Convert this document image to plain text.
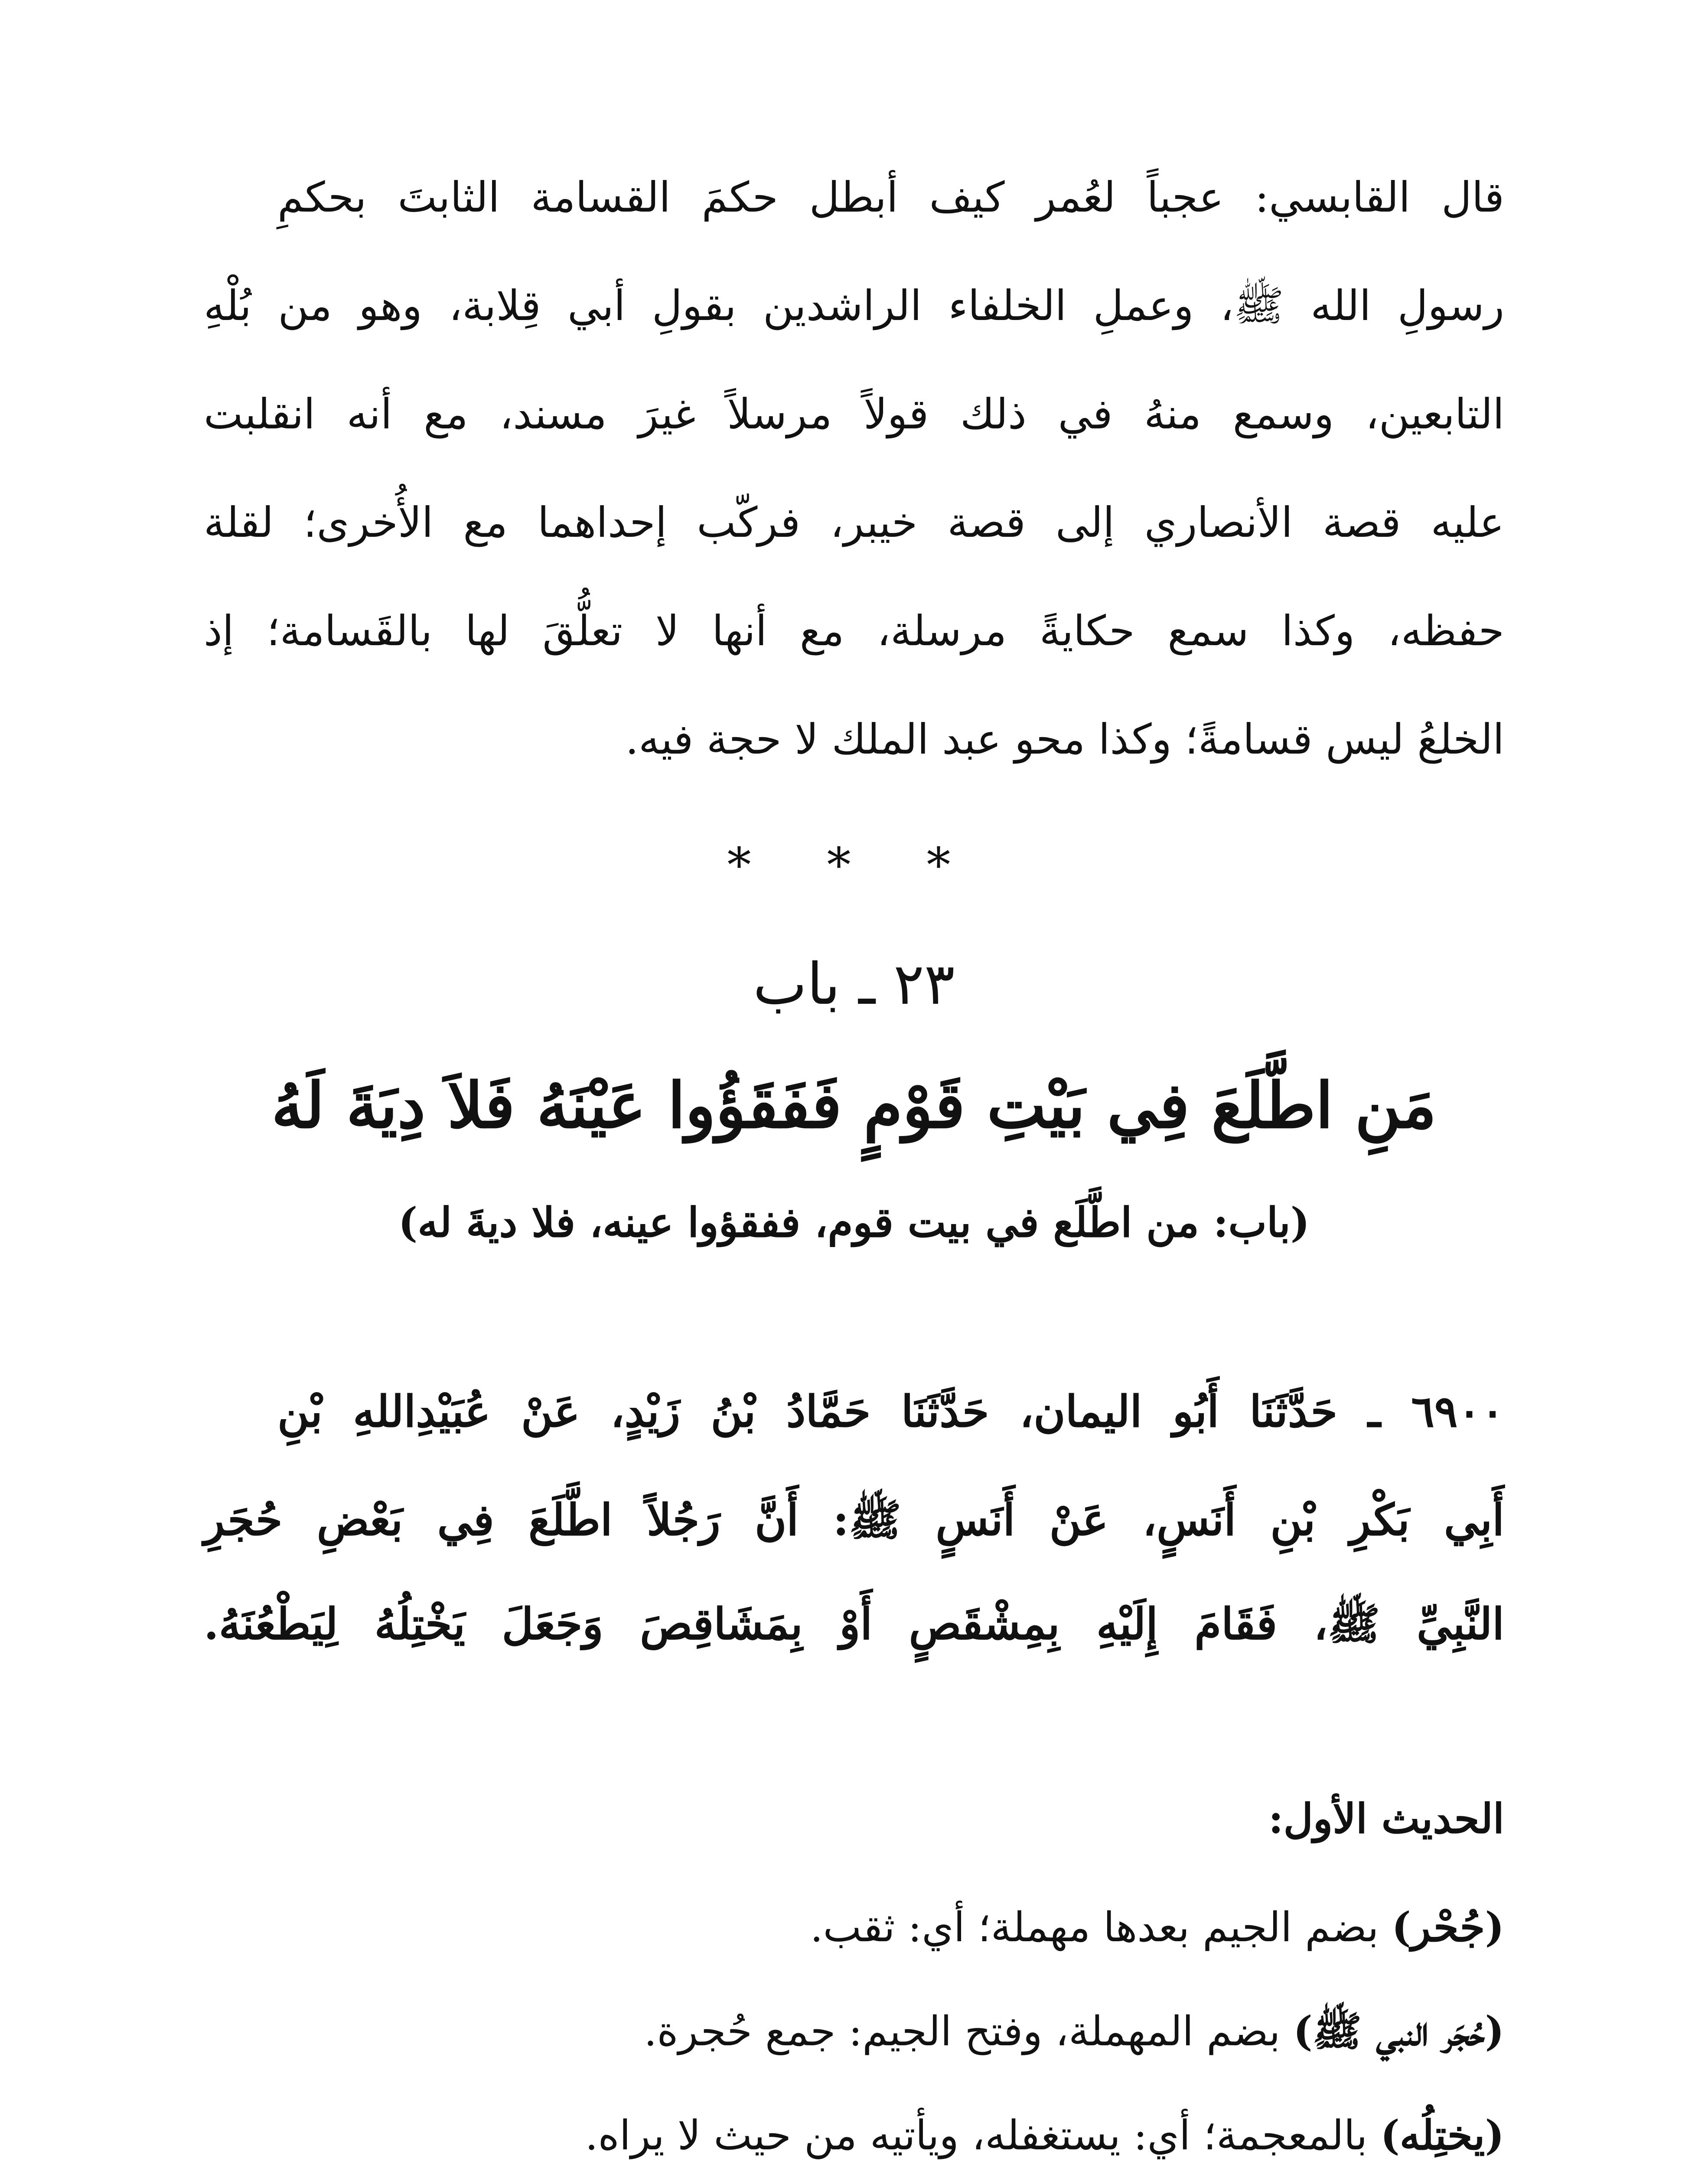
قال القابسي: عجباً لعُمر كيف أبطل حكمَ القسامة الثابتَ بحكمِ
رسولِ الله ﷺ، وعملِ الخلفاء الراشدين بقولِ أبي قِلابة، وهو من بُلْهِ
التابعين، وسمع منهُ في ذلك قولاً مرسلاً غيرَ مسند، مع أنه انقلبت
عليه قصة الأنصاري إلى قصة خيبر، فركّب إحداهما مع الأُخرى؛ لقلة
حفظه، وكذا سمع حكايةً مرسلة، مع أنها لا تعلُّقَ لها بالقَسامة؛ إذ
الخلعُ ليس قسامةً؛ وكذا محو عبد الملك لا حجة فيه.
* * *
٢٣ ـ باب
مَنِ اطَّلَعَ فِي بَيْتِ قَوْمٍ فَفَقَؤُوا عَيْنَهُ فَلاَ دِيَةَ لَهُ
(باب: من اطَّلَع في بيت قوم، ففقؤوا عينه، فلا ديةَ له)
٦٩٠٠ ـ حَدَّثَنَا أَبُو اليمان، حَدَّثَنَا حَمَّادُ بْنُ زَيْدٍ، عَنْ عُبَيْدِاللهِ بْنِ
أَبِي بَكْرِ بْنِ أَنَسٍ، عَنْ أَنَسٍ ﷺ: أَنَّ رَجُلاً اطَّلَعَ فِي بَعْضِ حُجَرِ
النَّبِيِّ ﷺ، فَقَامَ إِلَيْهِ بِمِشْقَصٍ أَوْ بِمَشَاقِصَ وَجَعَلَ يَخْتِلُهُ لِيَطْعُنَهُ.
الحديث الأول:
(جُحْر) بضم الجيم بعدها مهملة؛ أي: ثقب.
(حُجَر النبي ﷺ) بضم المهملة، وفتح الجيم: جمع حُجرة.
(يختِلُه) بالمعجمة؛ أي: يستغفله، ويأتيه من حيث لا يراه.
